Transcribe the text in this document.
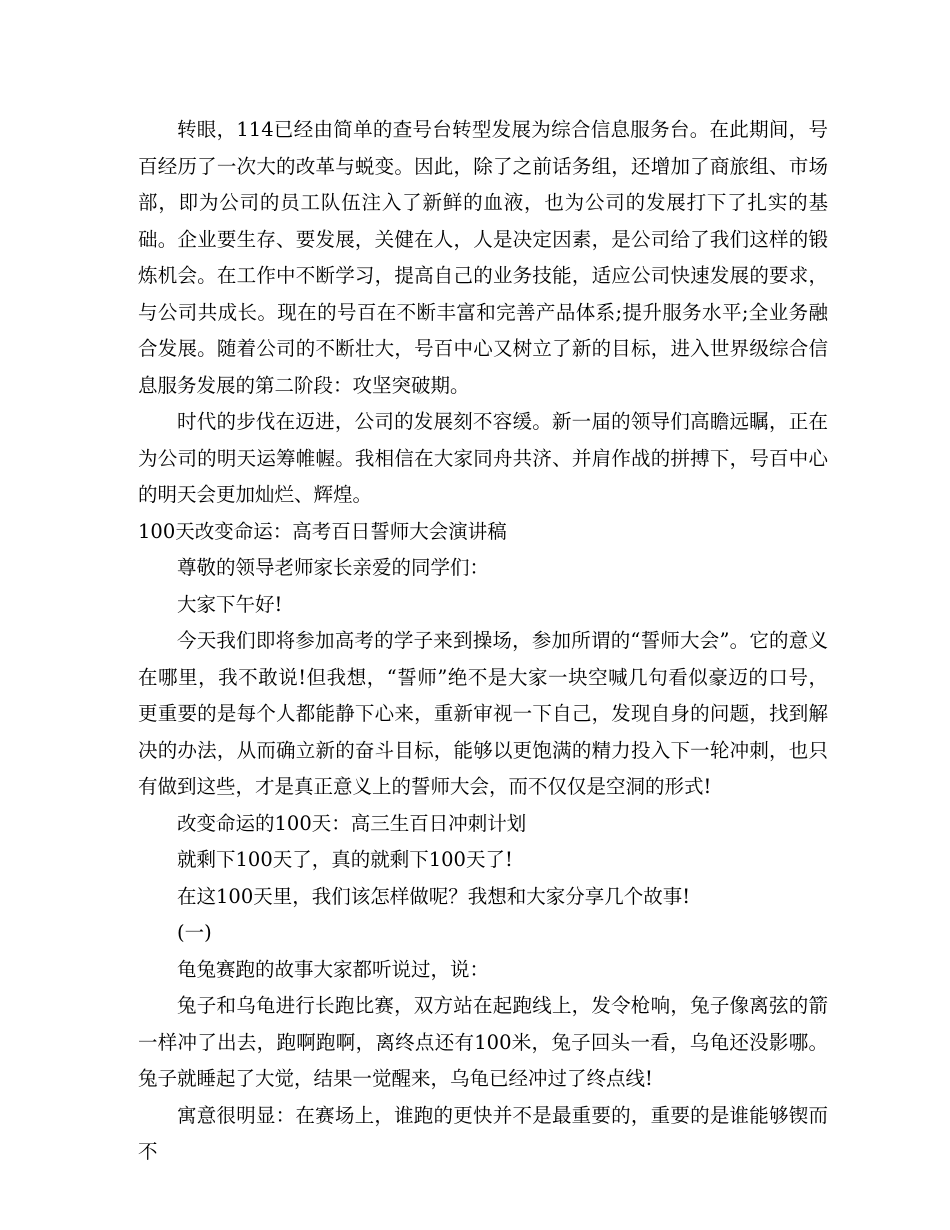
转眼，114已经由简单的查号台转型发展为综合信息服务台。在此期间，号百经历了一次大的改革与蜕变。因此，除了之前话务组，还增加了商旅组、市场部，即为公司的员工队伍注入了新鲜的血液，也为公司的发展打下了扎实的基础。企业要生存、要发展，关健在人，人是决定因素，是公司给了我们这样的锻炼机会。在工作中不断学习，提高自己的业务技能，适应公司快速发展的要求，与公司共成长。现在的号百在不断丰富和完善产品体系;提升服务水平;全业务融合发展。随着公司的不断壮大，号百中心又树立了新的目标，进入世界级综合信息服务发展的第二阶段：攻坚突破期。

时代的步伐在迈进，公司的发展刻不容缓。新一届的领导们高瞻远瞩，正在为公司的明天运筹帷幄。我相信在大家同舟共济、并肩作战的拼搏下，号百中心的明天会更加灿烂、辉煌。

100天改变命运：高考百日誓师大会演讲稿

尊敬的领导老师家长亲爱的同学们：

大家下午好!

今天我们即将参加高考的学子来到操场，参加所谓的“誓师大会”。它的意义在哪里，我不敢说!但我想，“誓师”绝不是大家一块空喊几句看似豪迈的口号，更重要的是每个人都能静下心来，重新审视一下自己，发现自身的问题，找到解决的办法，从而确立新的奋斗目标，能够以更饱满的精力投入下一轮冲刺，也只有做到这些，才是真正意义上的誓师大会，而不仅仅是空洞的形式!

改变命运的100天：高三生百日冲刺计划

就剩下100天了，真的就剩下100天了!

在这100天里，我们该怎样做呢？我想和大家分享几个故事!

(一)

龟兔赛跑的故事大家都听说过，说：

兔子和乌龟进行长跑比赛，双方站在起跑线上，发令枪响，兔子像离弦的箭一样冲了出去，跑啊跑啊，离终点还有100米，兔子回头一看，乌龟还没影哪。兔子就睡起了大觉，结果一觉醒来，乌龟已经冲过了终点线!

寓意很明显：在赛场上，谁跑的更快并不是最重要的，重要的是谁能够锲而不
